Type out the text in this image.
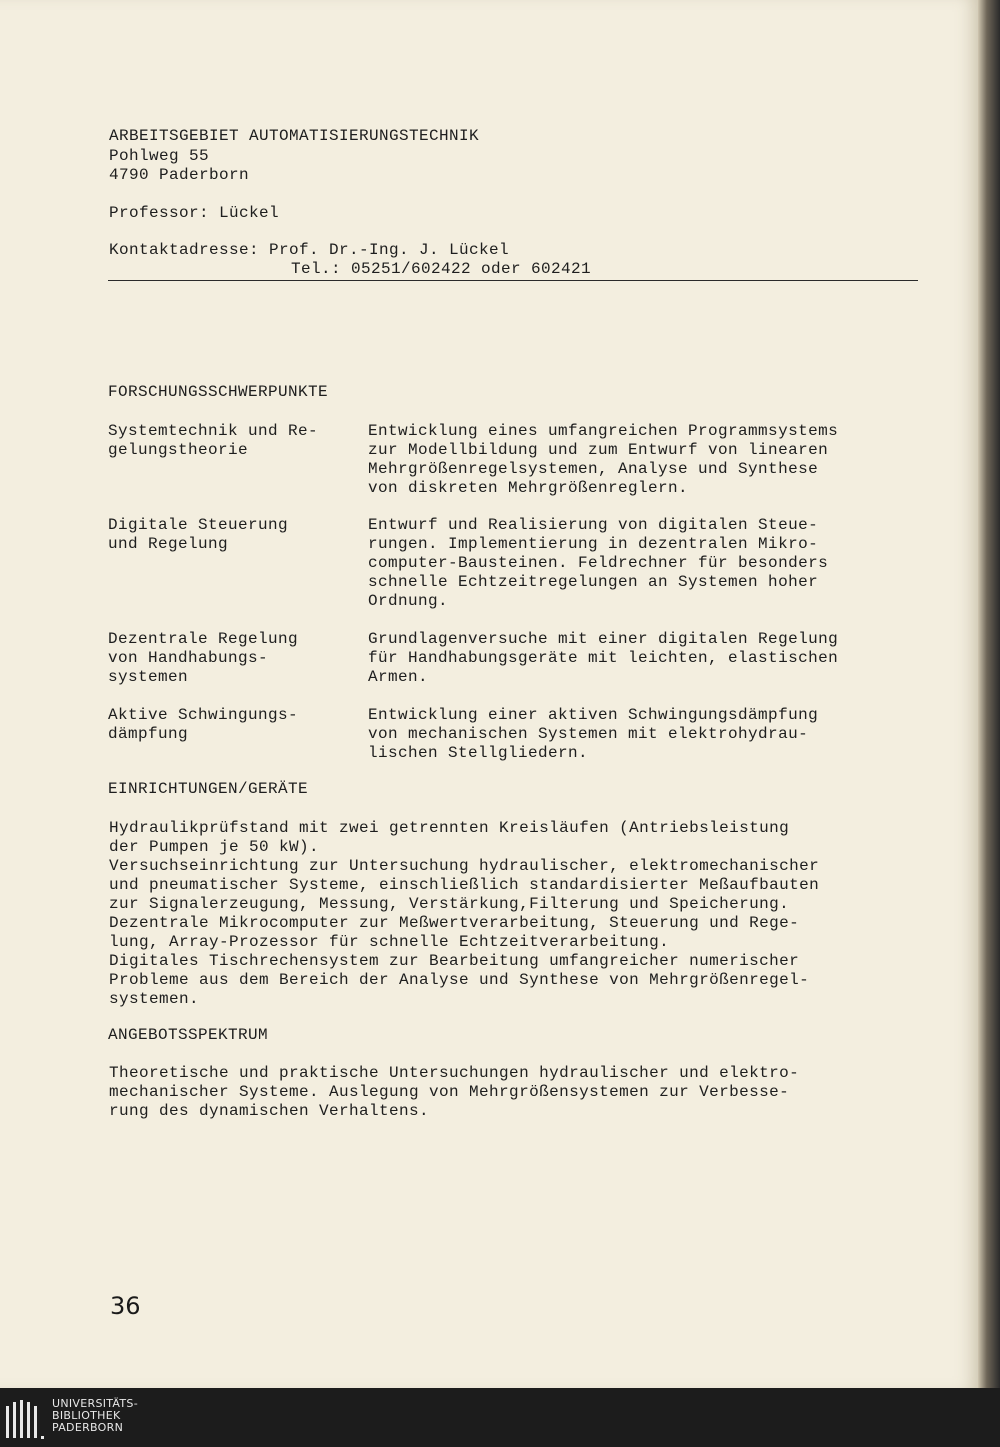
ARBEITSGEBIET AUTOMATISIERUNGSTECHNIK
Pohlweg 55
4790 Paderborn
Professor: Lückel
Kontaktadresse: Prof. Dr.-Ing. J. Lückel
Tel.: 05251/602422 oder 602421
FORSCHUNGSSCHWERPUNKTE
Systemtechnik und Re-
gelungstheorie
Entwicklung eines umfangreichen Programmsystems
zur Modellbildung und zum Entwurf von linearen
Mehrgrößenregelsystemen, Analyse und Synthese
von diskreten Mehrgrößenreglern.
Digitale Steuerung
und Regelung
Entwurf und Realisierung von digitalen Steue-
rungen. Implementierung in dezentralen Mikro-
computer-Bausteinen. Feldrechner für besonders
schnelle Echtzeitregelungen an Systemen hoher
Ordnung.
Dezentrale Regelung
von Handhabungs-
systemen
Grundlagenversuche mit einer digitalen Regelung
für Handhabungsgeräte mit leichten, elastischen
Armen.
Aktive Schwingungs-
dämpfung
Entwicklung einer aktiven Schwingungsdämpfung
von mechanischen Systemen mit elektrohydrau-
lischen Stellgliedern.
EINRICHTUNGEN/GERÄTE
Hydraulikprüfstand mit zwei getrennten Kreisläufen (Antriebsleistung
der Pumpen je 50 kW).
Versuchseinrichtung zur Untersuchung hydraulischer, elektromechanischer
und pneumatischer Systeme, einschließlich standardisierter Meßaufbauten
zur Signalerzeugung, Messung, Verstärkung,Filterung und Speicherung.
Dezentrale Mikrocomputer zur Meßwertverarbeitung, Steuerung und Rege-
lung, Array-Prozessor für schnelle Echtzeitverarbeitung.
Digitales Tischrechensystem zur Bearbeitung umfangreicher numerischer
Probleme aus dem Bereich der Analyse und Synthese von Mehrgrößenregel-
systemen.
ANGEBOTSSPEKTRUM
Theoretische und praktische Untersuchungen hydraulischer und elektro-
mechanischer Systeme. Auslegung von Mehrgrößensystemen zur Verbesse-
rung des dynamischen Verhaltens.
36
UNIVERSITÄTS-
BIBLIOTHEK
PADERBORN
